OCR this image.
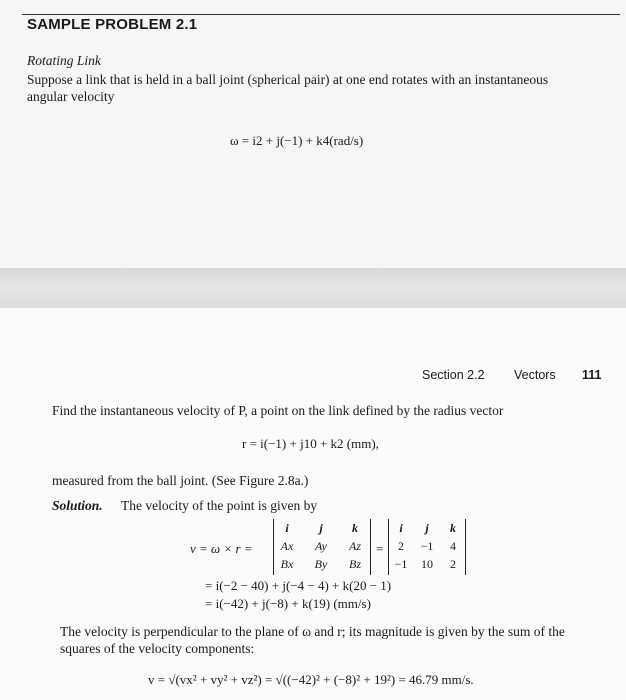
SAMPLE PROBLEM 2.1
Rotating Link
Suppose a link that is held in a ball joint (spherical pair) at one end rotates with an instantaneous
angular velocity
ω = i2 + j(−1) + k4(rad/s)
Section 2.2 Vectors 111
Find the instantaneous velocity of P, a point on the link defined by the radius vector
r = i(−1) + j10 + k2 (mm),
measured from the ball joint. (See Figure 2.8a.)
Solution. The velocity of the point is given by
v = ω × r =
i	j	k
Ax	Ay	Az
Bx	By	Bz
=
i	j	k
2	−1	4
−1	10	2
= i(−2 − 40) + j(−4 − 4) + k(20 − 1)
= i(−42) + j(−8) + k(19) (mm/s)
The velocity is perpendicular to the plane of ω and r; its magnitude is given by the sum of the
squares of the velocity components:
v = √(vx² + vy² + vz²) = √((−42)² + (−8)² + 19²) = 46.79 mm/s.
